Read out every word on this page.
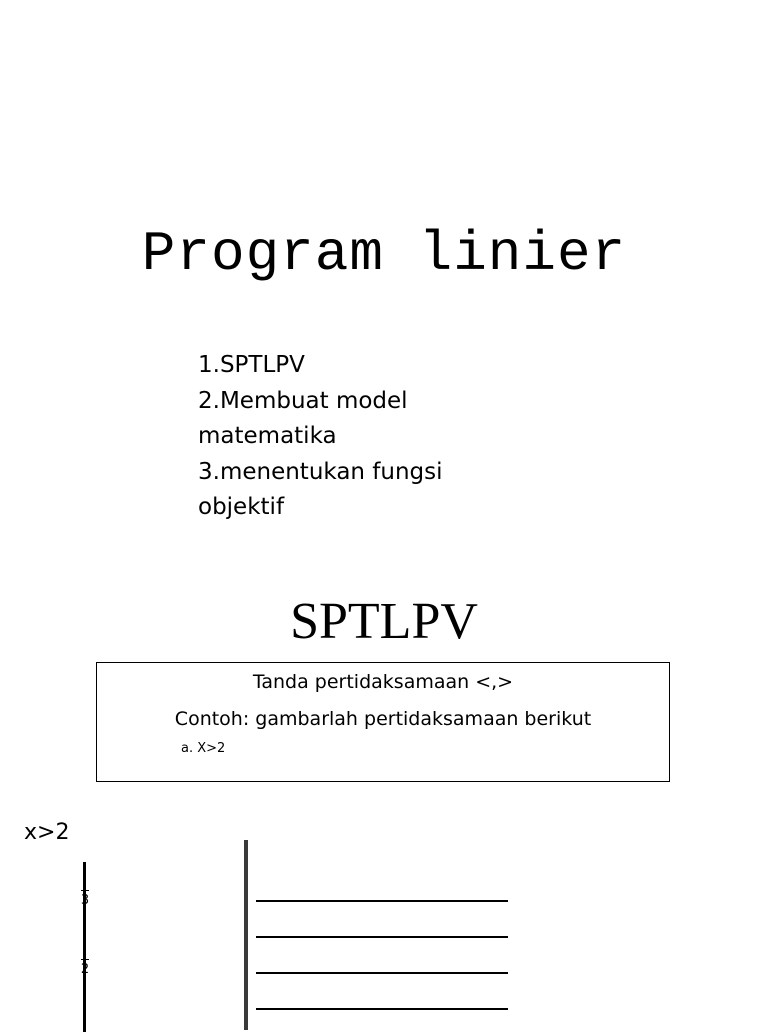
Program linier
1.SPTLPV
2.Membuat model matematika
3.menentukan fungsi objektif
SPTLPV
Tanda pertidaksamaan <,>
Contoh: gambarlah pertidaksamaan berikut
a. X>2
x>2
3
2
